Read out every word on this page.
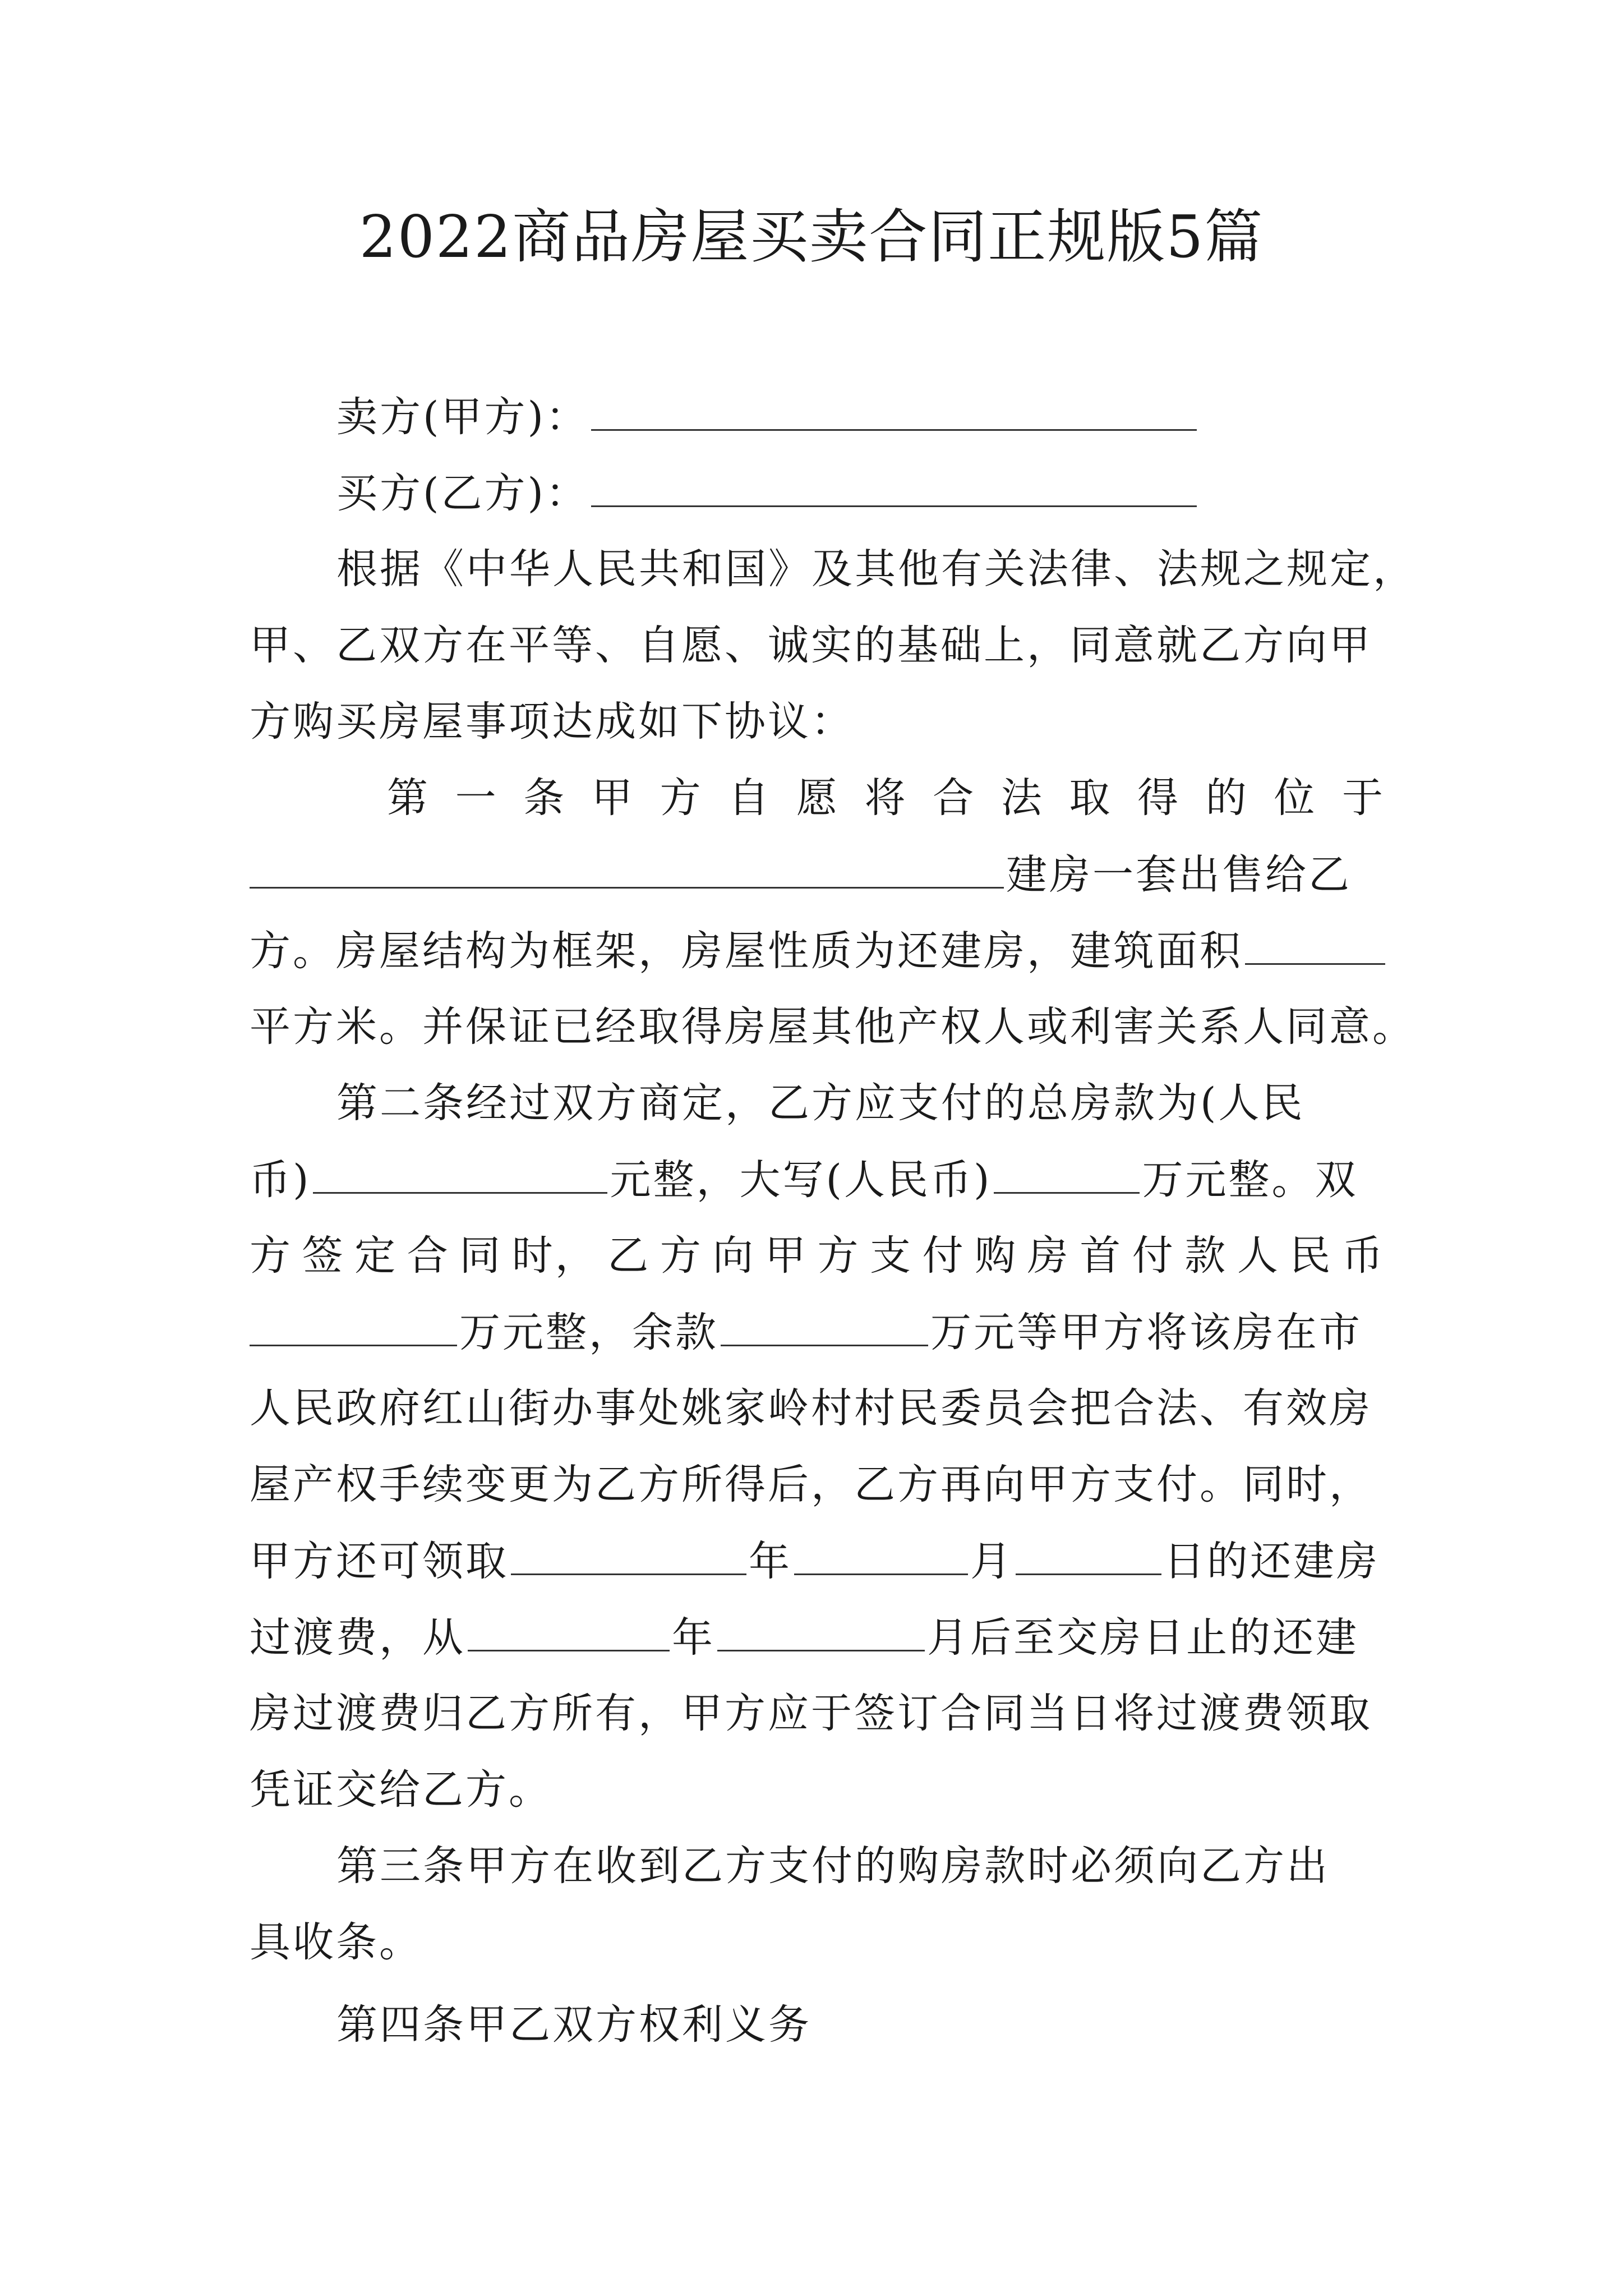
2022商品房屋买卖合同正规版5篇
卖方(甲方)：
买方(乙方)：
根据《中华人民共和国》及其他有关法律、法规之规定，
甲、乙双方在平等、自愿、诚实的基础上，同意就乙方向甲
方购买房屋事项达成如下协议：
第 一 条 甲 方 自 愿 将 合 法 取 得 的 位 于
建房一套出售给乙
方。房屋结构为框架，房屋性质为还建房，建筑面积
平方米。并保证已经取得房屋其他产权人或利害关系人同意。
第二条经过双方商定，乙方应支付的总房款为(人民
币)	元整，大写(人民币)	万元整。双
方 签 定 合 同 时， 乙 方 向 甲 方 支 付 购 房 首 付 款 人 民 币
万元整，余款	万元等甲方将该房在市
人民政府红山街办事处姚家岭村村民委员会把合法、有效房
屋产权手续变更为乙方所得后，乙方再向甲方支付。同时，
甲方还可领取	年	月	日的还建房
过渡费，从	年	月后至交房日止的还建
房过渡费归乙方所有，甲方应于签订合同当日将过渡费领取
凭证交给乙方。
第三条甲方在收到乙方支付的购房款时必须向乙方出
具收条。
第四条甲乙双方权利义务
